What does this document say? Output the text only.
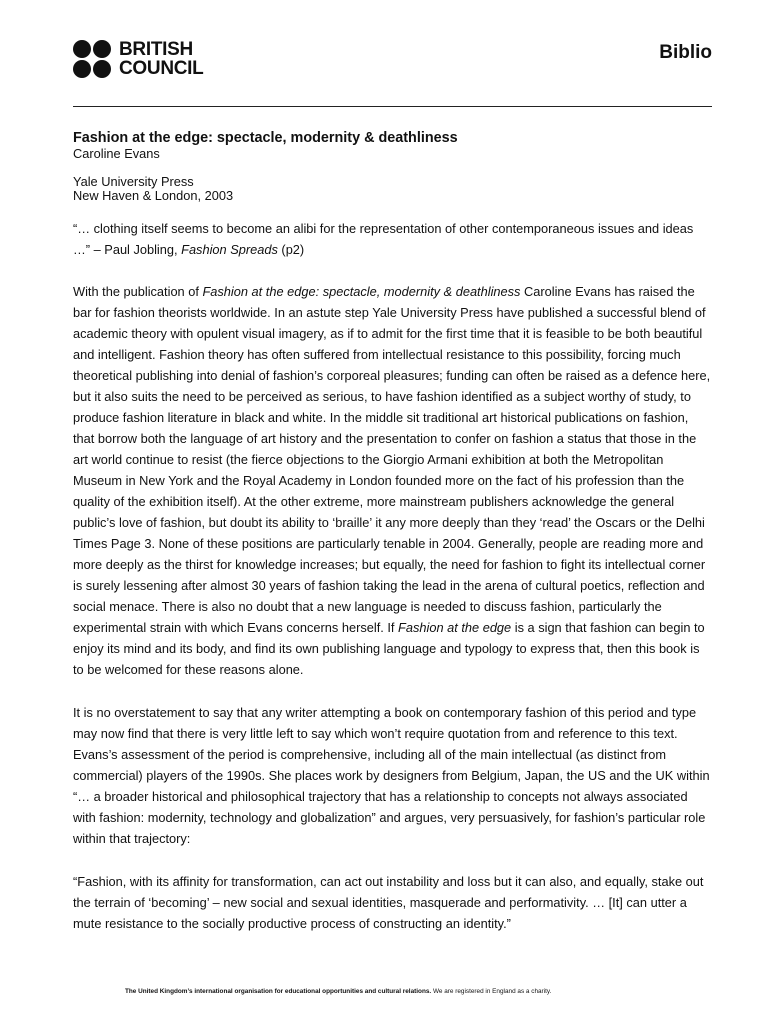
BRITISH
COUNCIL
Biblio

Fashion at the edge: spectacle, modernity & deathliness

Caroline Evans

Yale University Press

New Haven & London, 2003

“… clothing itself seems to become an alibi for the representation of other contemporaneous issues and ideas …” – Paul Jobling, Fashion Spreads (p2)

With the publication of Fashion at the edge: spectacle, modernity & deathliness Caroline Evans has raised the bar for fashion theorists worldwide. In an astute step Yale University Press have published a successful blend of academic theory with opulent visual imagery, as if to admit for the first time that it is feasible to be both beautiful and intelligent. Fashion theory has often suffered from intellectual resistance to this possibility, forcing much theoretical publishing into denial of fashion’s corporeal pleasures; funding can often be raised as a defence here, but it also suits the need to be perceived as serious, to have fashion identified as a subject worthy of study, to produce fashion literature in black and white. In the middle sit traditional art historical publications on fashion, that borrow both the language of art history and the presentation to confer on fashion a status that those in the art world continue to resist (the fierce objections to the Giorgio Armani exhibition at both the Metropolitan Museum in New York and the Royal Academy in London founded more on the fact of his profession than the quality of the exhibition itself). At the other extreme, more mainstream publishers acknowledge the general public’s love of fashion, but doubt its ability to ‘braille’ it any more deeply than they ‘read’ the Oscars or the Delhi Times Page 3. None of these positions are particularly tenable in 2004. Generally, people are reading more and more deeply as the thirst for knowledge increases; but equally, the need for fashion to fight its intellectual corner is surely lessening after almost 30 years of fashion taking the lead in the arena of cultural poetics, reflection and social menace. There is also no doubt that a new language is needed to discuss fashion, particularly the experimental strain with which Evans concerns herself. If Fashion at the edge is a sign that fashion can begin to enjoy its mind and its body, and find its own publishing language and typology to express that, then this book is to be welcomed for these reasons alone.

It is no overstatement to say that any writer attempting a book on contemporary fashion of this period and type may now find that there is very little left to say which won’t require quotation from and reference to this text. Evans’s assessment of the period is comprehensive, including all of the main intellectual (as distinct from commercial) players of the 1990s. She places work by designers from Belgium, Japan, the US and the UK within “… a broader historical and philosophical trajectory that has a relationship to concepts not always associated with fashion: modernity, technology and globalization” and argues, very persuasively, for fashion’s particular role within that trajectory:

“Fashion, with its affinity for transformation, can act out instability and loss but it can also, and equally, stake out the terrain of ‘becoming’ – new social and sexual identities, masquerade and performativity. … [It] can utter a mute resistance to the socially productive process of constructing an identity.”

The United Kingdom’s international organisation for educational opportunities and cultural relations. We are registered in England as a charity.
